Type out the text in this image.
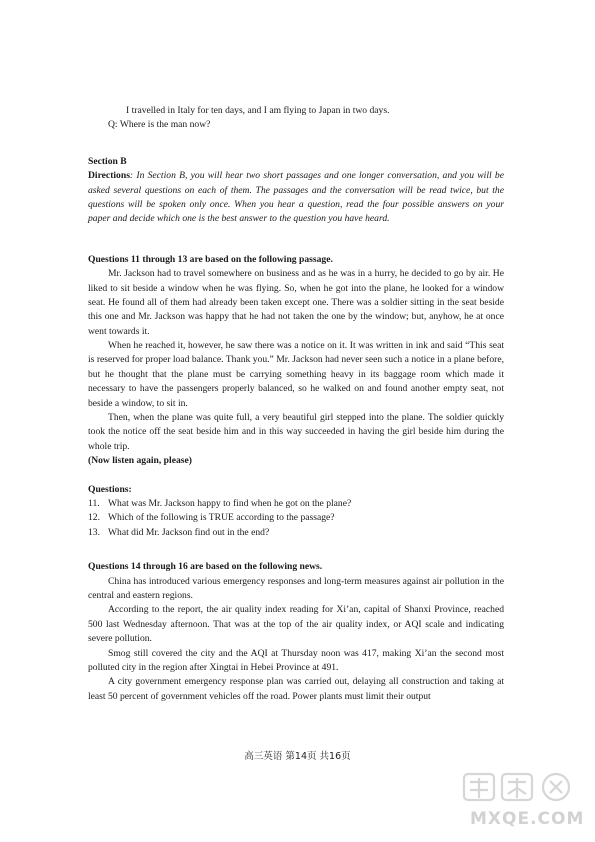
I travelled in Italy for ten days, and I am flying to Japan in two days.

Q: Where is the man now?

Section B

Directions: In Section B, you will hear two short passages and one longer conversation, and you will be asked several questions on each of them. The passages and the conversation will be read twice, but the questions will be spoken only once. When you hear a question, read the four possible answers on your paper and decide which one is the best answer to the question you have heard.

Questions 11 through 13 are based on the following passage.

Mr. Jackson had to travel somewhere on business and as he was in a hurry, he decided to go by air. He liked to sit beside a window when he was flying. So, when he got into the plane, he looked for a window seat. He found all of them had already been taken except one. There was a soldier sitting in the seat beside this one and Mr. Jackson was happy that he had not taken the one by the window; but, anyhow, he at once went towards it.

When he reached it, however, he saw there was a notice on it. It was written in ink and said “This seat is reserved for proper load balance. Thank you.” Mr. Jackson had never seen such a notice in a plane before, but he thought that the plane must be carrying something heavy in its baggage room which made it necessary to have the passengers properly balanced, so he walked on and found another empty seat, not beside a window, to sit in.

Then, when the plane was quite full, a very beautiful girl stepped into the plane. The soldier quickly took the notice off the seat beside him and in this way succeeded in having the girl beside him during the whole trip.

(Now listen again, please)

Questions:

11. What was Mr. Jackson happy to find when he got on the plane?
12. Which of the following is TRUE according to the passage?
13. What did Mr. Jackson find out in the end?

Questions 14 through 16 are based on the following news.

China has introduced various emergency responses and long-term measures against air pollution in the central and eastern regions.

According to the report, the air quality index reading for Xi’an, capital of Shanxi Province, reached 500 last Wednesday afternoon. That was at the top of the air quality index, or AQI scale and indicating severe pollution.

Smog still covered the city and the AQI at Thursday noon was 417, making Xi’an the second most polluted city in the region after Xingtai in Hebei Province at 491.

A city government emergency response plan was carried out, delaying all construction and taking at least 50 percent of government vehicles off the road. Power plants must limit their output

高三英语 第14页 共16页
MXQE.COM
